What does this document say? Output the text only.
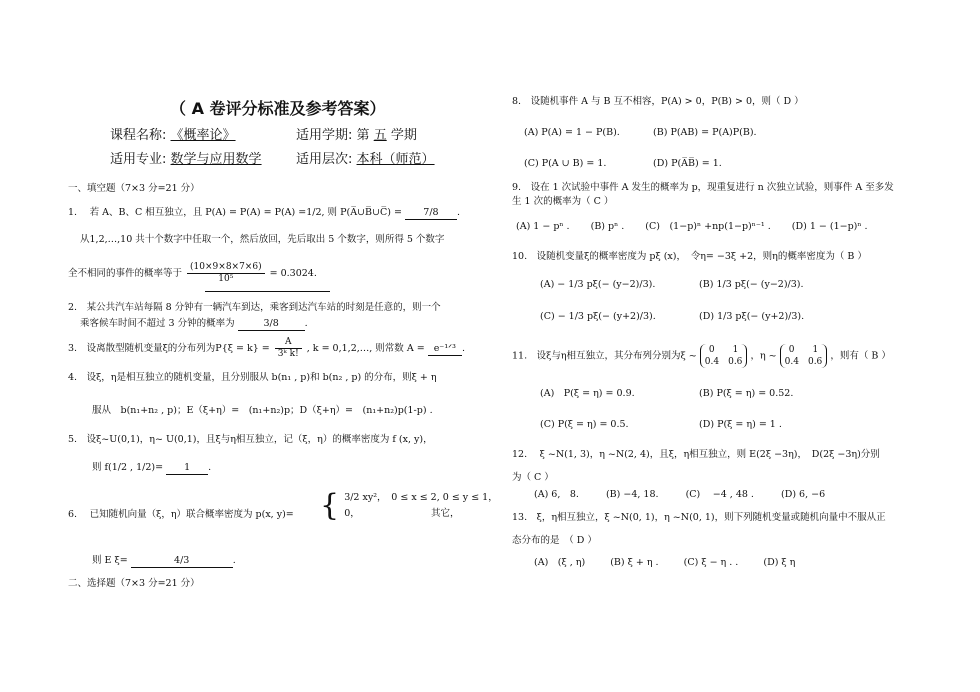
（ A 卷评分标准及参考答案）
课程名称: 《概率论》	适用学期: 第 五 学期
适用专业: 数学与应用数学	适用层次: 本科（师范）
一、填空题（7×3 分=21 分）
1.　 若 A、B、C 相互独立，且 P(A) = P(A) = P(A) =1/2, 则 P(A̅∪B̅∪C̅) = 7/8 .
从1,2,…,10 共十个数字中任取一个，然后放回，先后取出 5 个数字，则所得 5 个数字
全不相同的事件的概率等于 $\frac{(10\times 9\times 8\times 7\times 6)}{\text{10⁵}} = 0.3024$.
2.　某公共汽车站每隔 8 分钟有一辆汽车到达，乘客到达汽车站的时刻是任意的，则一个
乘客候车时间不超过 3 分钟的概率为	3/8	.
3.　设离散型随机变量ξ的分布列为$P\{\xi = k\} = \frac{A}{\text{3ᵏ k!}}$ , k = 0,1,2,…, 则常数 A = e⁻¹ᐟ³ .
4.　设ξ，η是相互独立的随机变量，且分别服从 b(n₁ , p)和 b(n₂ , p) 的分布，则ξ + η
服从　b(n₁+n₂ , p)；E（ξ+η）=　(n₁+n₂)p；D（ξ+η）=　(n₁+n₂)p(1-p) .
5.　设ξ~U(0,1)，η~ U(0,1)，且ξ与η相互独立，记（ξ，η）的概率密度为 f (x, y)，
则 f(1/2 , 1/2)= 1 .
6.　 已知随机向量（ξ，η）联合概率密度为 p(x, y)= { 3/2 xy²，　0 ≤ x ≤ 2, 0 ≤ y ≤ 1，
0，　　　　　　　　其它，
则 E ξ=	4/3	.
二、选择题（7×3 分=21 分）
8.　设随机事件 A 与 B 互不相容，P(A) > 0，P(B) > 0，则（ D ）
(A) P(A) = 1 − P(B).	(B) P(AB) = P(A)P(B).
(C) P(A ∪ B) = 1.	(D) P(A̅B̅) = 1.
9.　设在 1 次试验中事件 A 发生的概率为 p，现重复进行 n 次独立试验，则事件 A 至多发
生 1 次的概率为（ C ）
(A) 1 − pⁿ . (B) pⁿ . (C)　(1−p)ⁿ +np(1−p)ⁿ⁻¹ . (D) 1 − (1−p)ⁿ .
10.　设随机变量ξ的概率密度为 pξ (x)，　令η= −3ξ +2，则η的概率密度为（ B ）
(A) − 1/3 pξ(− (y−2)/3).	(B) 1/3 pξ(− (y−2)/3).
(C) − 1/3 pξ(− (y+2)/3).	(D) 1/3 pξ(− (y+2)/3).
11.　设ξ与η相互独立，其分布列分别为ξ ~
0　　1
0.4　0.6
，η ~
0　　1
0.4　0.6
，则有（ B ）
(A)　P(ξ = η) = 0.9.	(B) P(ξ = η) = 0.52.
(C) P(ξ = η) = 0.5.	(D) P(ξ = η) = 1 .
12.　 ξ ~N(1, 3)，η ~N(2, 4)，且ξ，η相互独立，则 E(2ξ −3η)，　D(2ξ −3η)分别
为（ C ）
(A) 6,　8.	(B) −4, 18.	(C)　 −4 , 48 .	(D) 6, −6
13.　ξ，η相互独立，ξ ~N(0, 1)，η ~N(0, 1)，则下列随机变量或随机向量中不服从正
态分布的是　（ D ）
(A)　(ξ , η)	(B) ξ + η .	(C) ξ − η . .	(D) ξ η
